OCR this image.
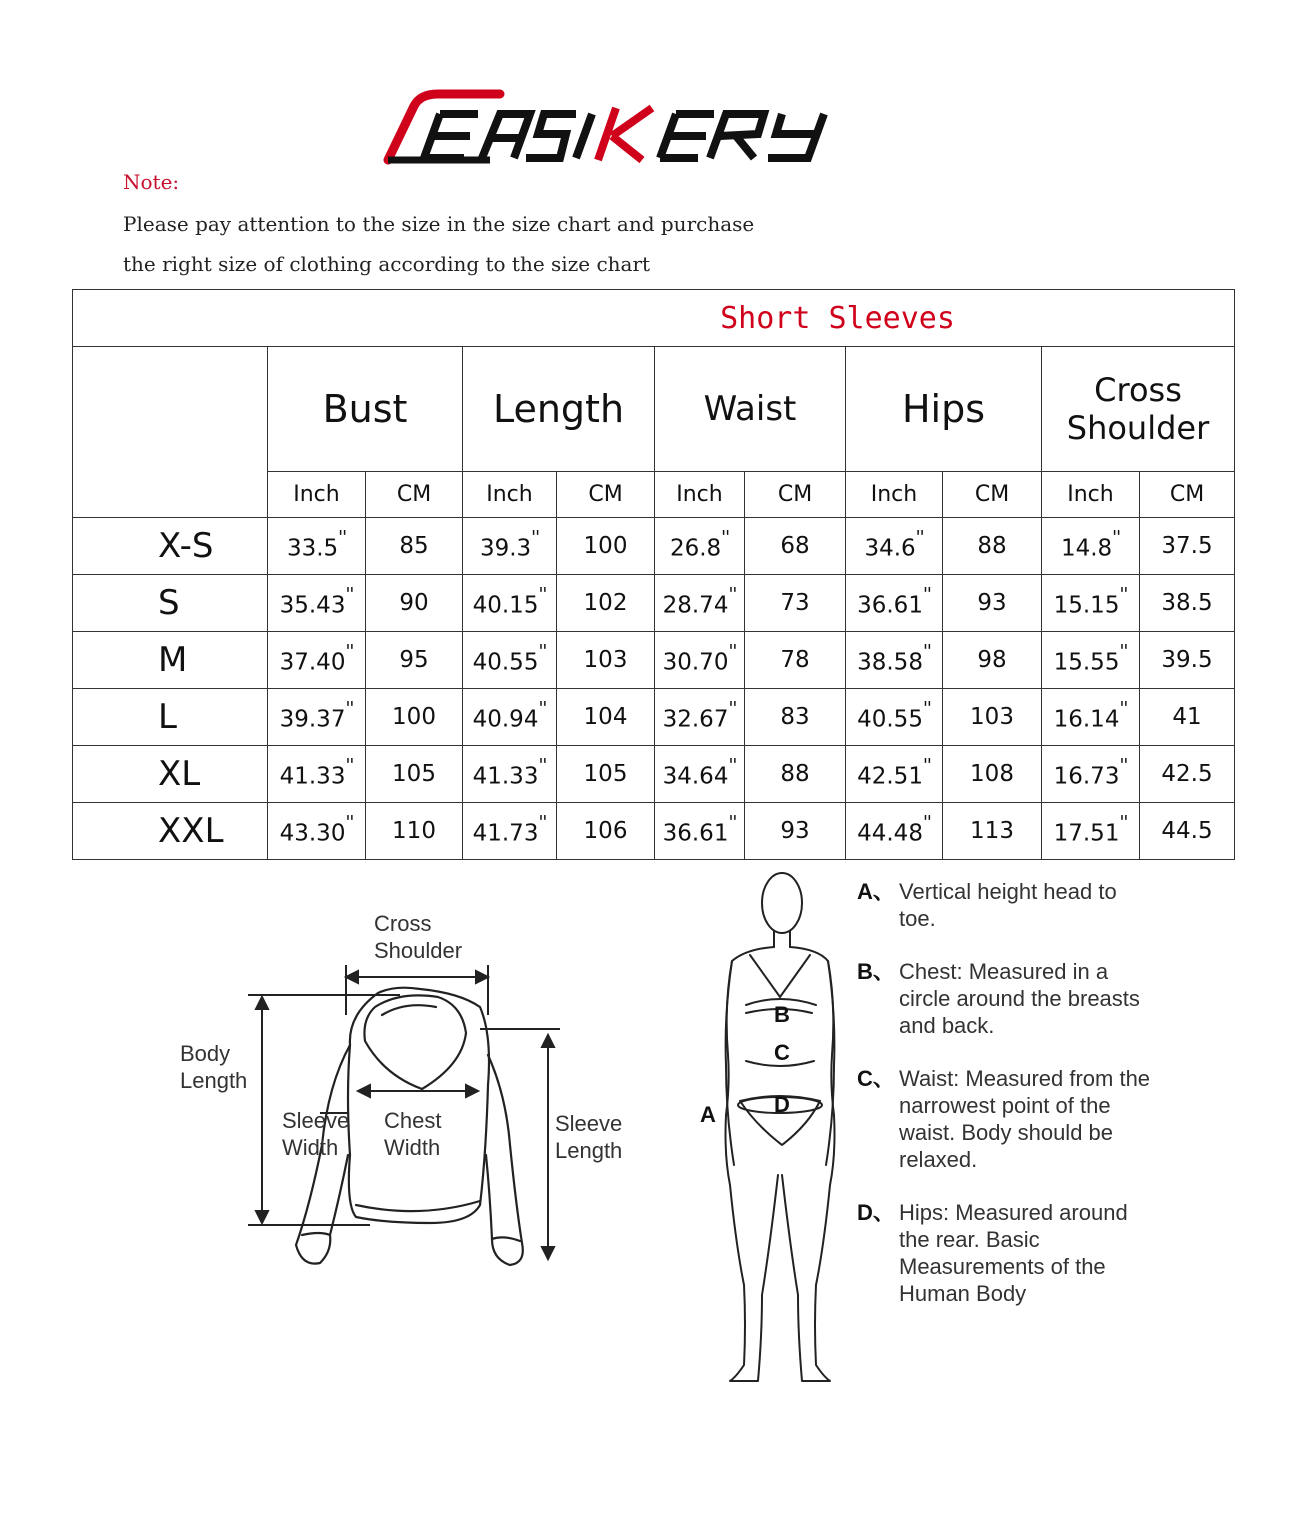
Note:
Please pay attention to the size in the size chart and purchase
the right size of clothing according to the size chart
Short Sleeves										
	Bust		Length		Waist		Hips		Cross
Shoulder	
	Inch	CM	Inch	CM	Inch	CM	Inch	CM	Inch	CM
X-S	33.5''	85	39.3''	100	26.8''	68	34.6''	88	14.8''	37.5
S	35.43''	90	40.15''	102	28.74''	73	36.61''	93	15.15''	38.5
M	37.40''	95	40.55''	103	30.70''	78	38.58''	98	15.55''	39.5
L	39.37''	100	40.94''	104	32.67''	83	40.55''	103	16.14''	41
XL	41.33''	105	41.33''	105	34.64''	88	42.51''	108	16.73''	42.5
XXL	43.30''	110	41.73''	106	36.61''	93	44.48''	113	17.51''	44.5
Cross
Shoulder
Body
Length
Sleeve
Width
Chest
Width
Sleeve
Length
B
C
D
A
A、 Vertical height head to toe.
B、 Chest: Measured in a circle around the breasts and back.
C、 Waist: Measured from the narrowest point of the waist. Body should be relaxed.
D、 Hips: Measured around the rear. Basic Measurements of the Human Body
